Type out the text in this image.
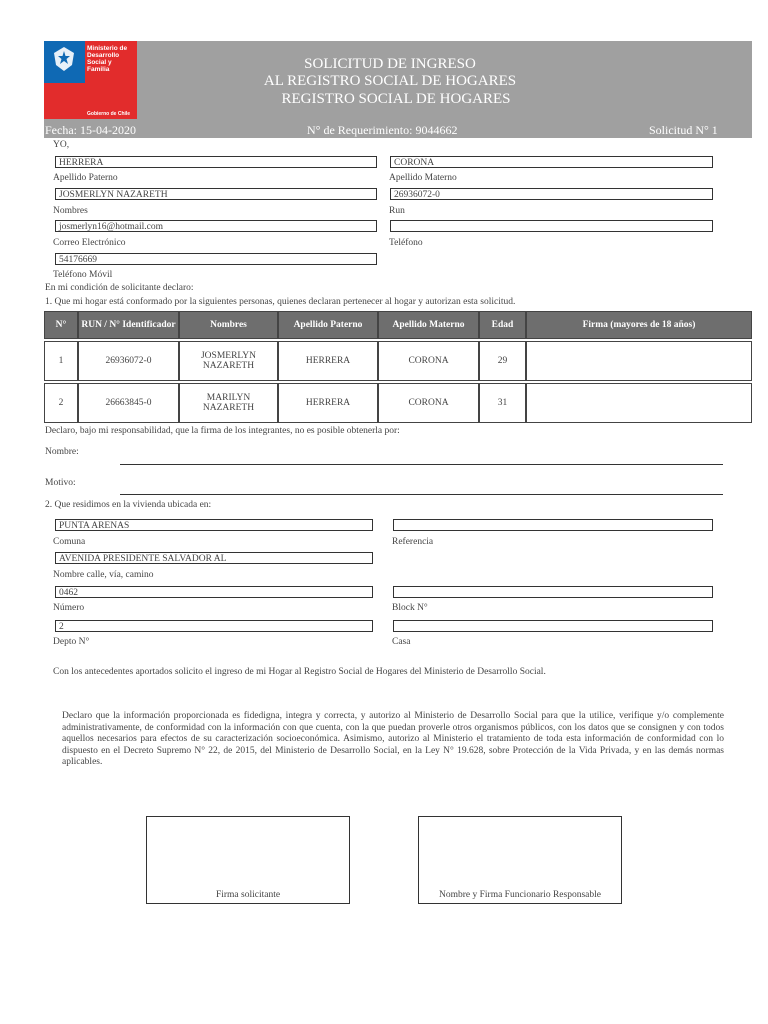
Ministerio de
Desarrollo
Social y
Familia
Gobierno de Chile
SOLICITUD DE INGRESO
AL REGISTRO SOCIAL DE HOGARES
REGISTRO SOCIAL DE HOGARES
Fecha: 15-04-2020	N° de Requerimiento: 9044662	Solicitud N° 1
YO,
HERRERA	CORONA
Apellido Paterno	Apellido Materno
JOSMERLYN NAZARETH	26936072-0
Nombres	Run
josmerlyn16@hotmail.com
Correo Electrónico	Teléfono
54176669
Teléfono Móvil
En mi condición de solicitante declaro:
1. Que mi hogar está conformado por la siguientes personas, quienes declaran pertenecer al hogar y autorizan esta solicitud.
N°	RUN / N° Identificador	Nombres	Apellido Paterno	Apellido Materno	Edad	Firma (mayores de 18 años)

1	26936072-0	JOSMERLYN NAZARETH	HERRERA	CORONA	29	

2	26663845-0	MARILYN NAZARETH	HERRERA	CORONA	31	
Declaro, bajo mi responsabilidad, que la firma de los integrantes, no es posible obtenerla por:
Nombre:
Motivo:
2. Que residimos en la vivienda ubicada en:
PUNTA ARENAS
Comuna	Referencia
AVENIDA PRESIDENTE SALVADOR AL
Nombre calle, vía, camino
0462
Número	Block N°
2
Depto N°	Casa
Con los antecedentes aportados solicito el ingreso de mi Hogar al Registro Social de Hogares del Ministerio de Desarrollo Social.
Declaro que la información proporcionada es fidedigna, integra y correcta, y autorizo al Ministerio de Desarrollo Social para que la utilice, verifique y/o complemente administrativamente, de conformidad con la información con que cuenta, con la que puedan proverle otros organismos públicos, con los datos que se consignen y con todos aquellos necesarios para efectos de su caracterización socioeconómica. Asimismo, autorizo al Ministerio el tratamiento de toda esta información de conformidad con lo dispuesto en el Decreto Supremo N° 22, de 2015, del Ministerio de Desarrollo Social, en la Ley N° 19.628, sobre Protección de la Vida Privada, y en las demás normas aplicables.
Firma solicitante	Nombre y Firma Funcionario Responsable
